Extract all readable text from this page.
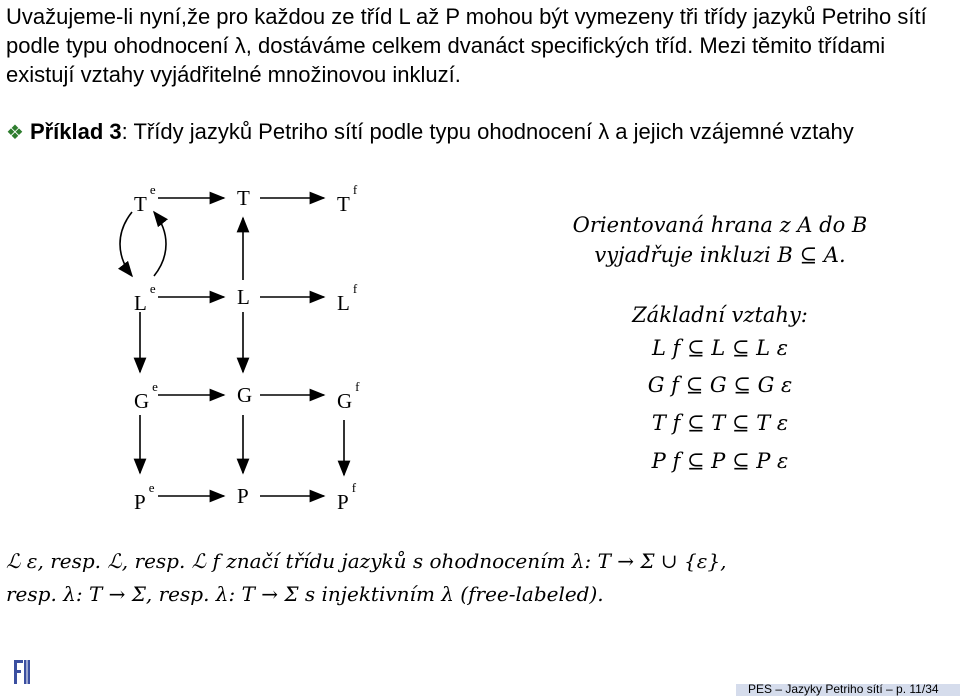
Uvažujeme-li nyní,že pro každou ze tříd L až P mohou být vymezeny tři třídy jazyků Petriho sítí podle typu ohodnocení λ, dostáváme celkem dvanáct specifických tříd. Mezi těmito třídami existují vztahy vyjádřitelné množinovou inkluzí.
❖ Příklad 3: Třídy jazyků Petriho sítí podle typu ohodnocení λ a jejich vzájemné vztahy
$T^e$	T	$T^f$
Le	L	$L^f$
$G^e$	G	$G^f$
$P^e$	P	$P^f$
Orientovaná hrana z A do B
vyjadřuje inkluzi B ⊆ A.
Základní vztahy:
L f ⊆ L ⊆ L ε
G f ⊆ G ⊆ G ε
T f ⊆ T ⊆ T ε
P f ⊆ P ⊆ P ε
ℒ ε, resp. ℒ, resp. ℒ f značí třídu jazyků s ohodnocením λ: T → Σ ∪ {ε},
resp. λ: T → Σ, resp. λ: T → Σ s injektivním λ (free-labeled).
PES – Jazyky Petriho sítí – p. 11/34
